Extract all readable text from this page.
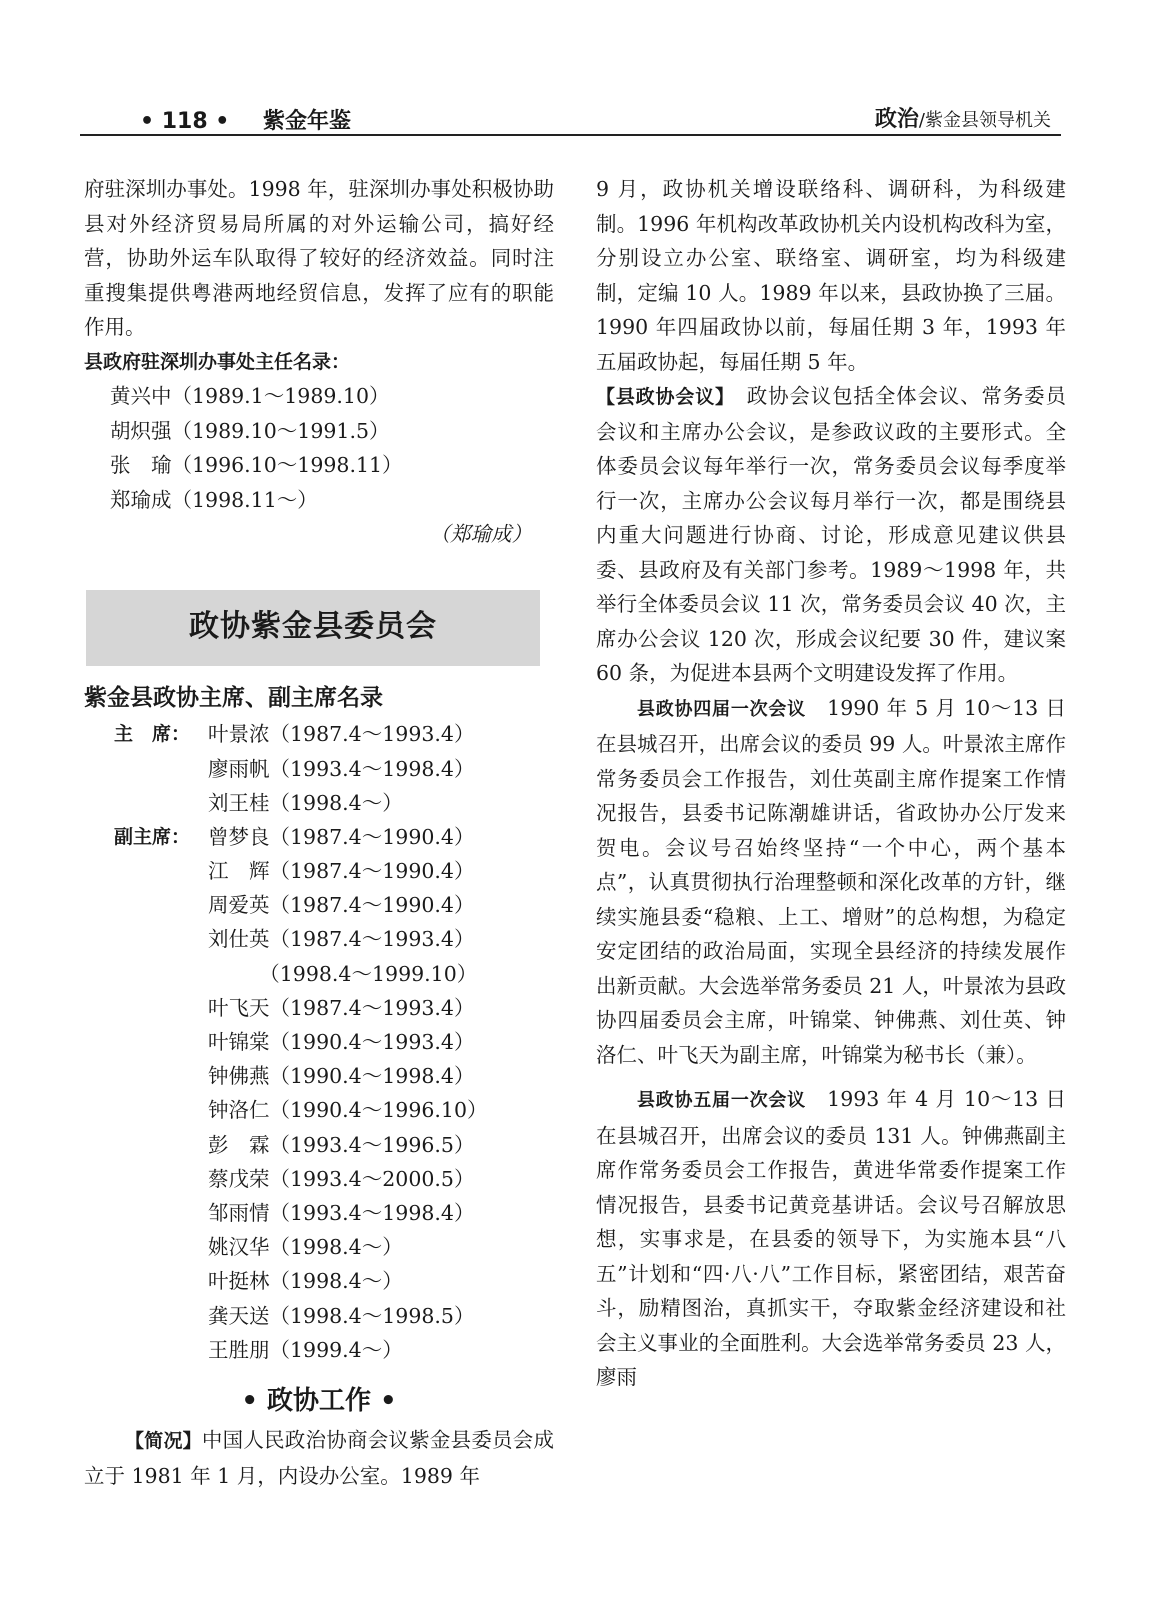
• 118 • 紫金年鉴	政治/紫金县领导机关

府驻深圳办事处。1998 年，驻深圳办事处积极协助县对外经济贸易局所属的对外运输公司，搞好经营，协助外运车队取得了较好的经济效益。同时注重搜集提供粤港两地经贸信息，发挥了应有的职能作用。

县政府驻深圳办事处主任名录：
黄兴中（1989.1～1989.10）
胡炽强（1989.10～1991.5）
张　瑜（1996.10～1998.11）
郑瑜成（1998.11～）
（郑瑜成）
政协紫金县委员会
紫金县政协主席、副主席名录
主　席： 叶景浓（1987.4～1993.4）
廖雨帆（1993.4～1998.4）
刘王桂（1998.4～）
副主席： 曾梦良（1987.4～1990.4）
江　辉（1987.4～1990.4）
周爱英（1987.4～1990.4）
刘仕英（1987.4～1993.4）
　　　（1998.4～1999.10）
叶飞天（1987.4～1993.4）
叶锦棠（1990.4～1993.4）
钟佛燕（1990.4～1998.4）
钟洛仁（1990.4～1996.10）
彭　霖（1993.4～1996.5）
蔡戊荣（1993.4～2000.5）
邹雨情（1993.4～1998.4）
姚汉华（1998.4～）
叶挺林（1998.4～）
龚天送（1998.4～1998.5）
王胜朋（1999.4～）
• 政协工作 •

【简况】中国人民政治协商会议紫金县委员会成立于 1981 年 1 月，内设办公室。1989 年

9 月，政协机关增设联络科、调研科，为科级建制。1996 年机构改革政协机关内设机构改科为室，分别设立办公室、联络室、调研室，均为科级建制，定编 10 人。1989 年以来，县政协换了三届。1990 年四届政协以前，每届任期 3 年，1993 年五届政协起，每届任期 5 年。

【县政协会议】　 政协会议包括全体会议、常务委员会议和主席办公会议，是参政议政的主要形式。全体委员会议每年举行一次，常务委员会议每季度举行一次，主席办公会议每月举行一次，都是围绕县内重大问题进行协商、讨论，形成意见建议供县委、县政府及有关部门参考。1989～1998 年，共举行全体委员会议 11 次，常务委员会议 40 次，主席办公会议 120 次，形成会议纪要 30 件，建议案 60 条，为促进本县两个文明建设发挥了作用。

县政协四届一次会议　 1990 年 5 月 10～13 日在县城召开，出席会议的委员 99 人。叶景浓主席作常务委员会工作报告，刘仕英副主席作提案工作情况报告，县委书记陈潮雄讲话，省政协办公厅发来贺电。会议号召始终坚持“一个中心，两个基本点”，认真贯彻执行治理整顿和深化改革的方针，继续实施县委“稳粮、上工、增财”的总构想，为稳定安定团结的政治局面，实现全县经济的持续发展作出新贡献。大会选举常务委员 21 人，叶景浓为县政协四届委员会主席，叶锦棠、钟佛燕、刘仕英、钟洛仁、叶飞天为副主席，叶锦棠为秘书长（兼）。

县政协五届一次会议　 1993 年 4 月 10～13 日在县城召开，出席会议的委员 131 人。钟佛燕副主席作常务委员会工作报告，黄进华常委作提案工作情况报告，县委书记黄竞基讲话。会议号召解放思想，实事求是，在县委的领导下，为实施本县“八五”计划和“四·八·八”工作目标，紧密团结，艰苦奋斗，励精图治，真抓实干，夺取紫金经济建设和社会主义事业的全面胜利。大会选举常务委员 23 人，廖雨
